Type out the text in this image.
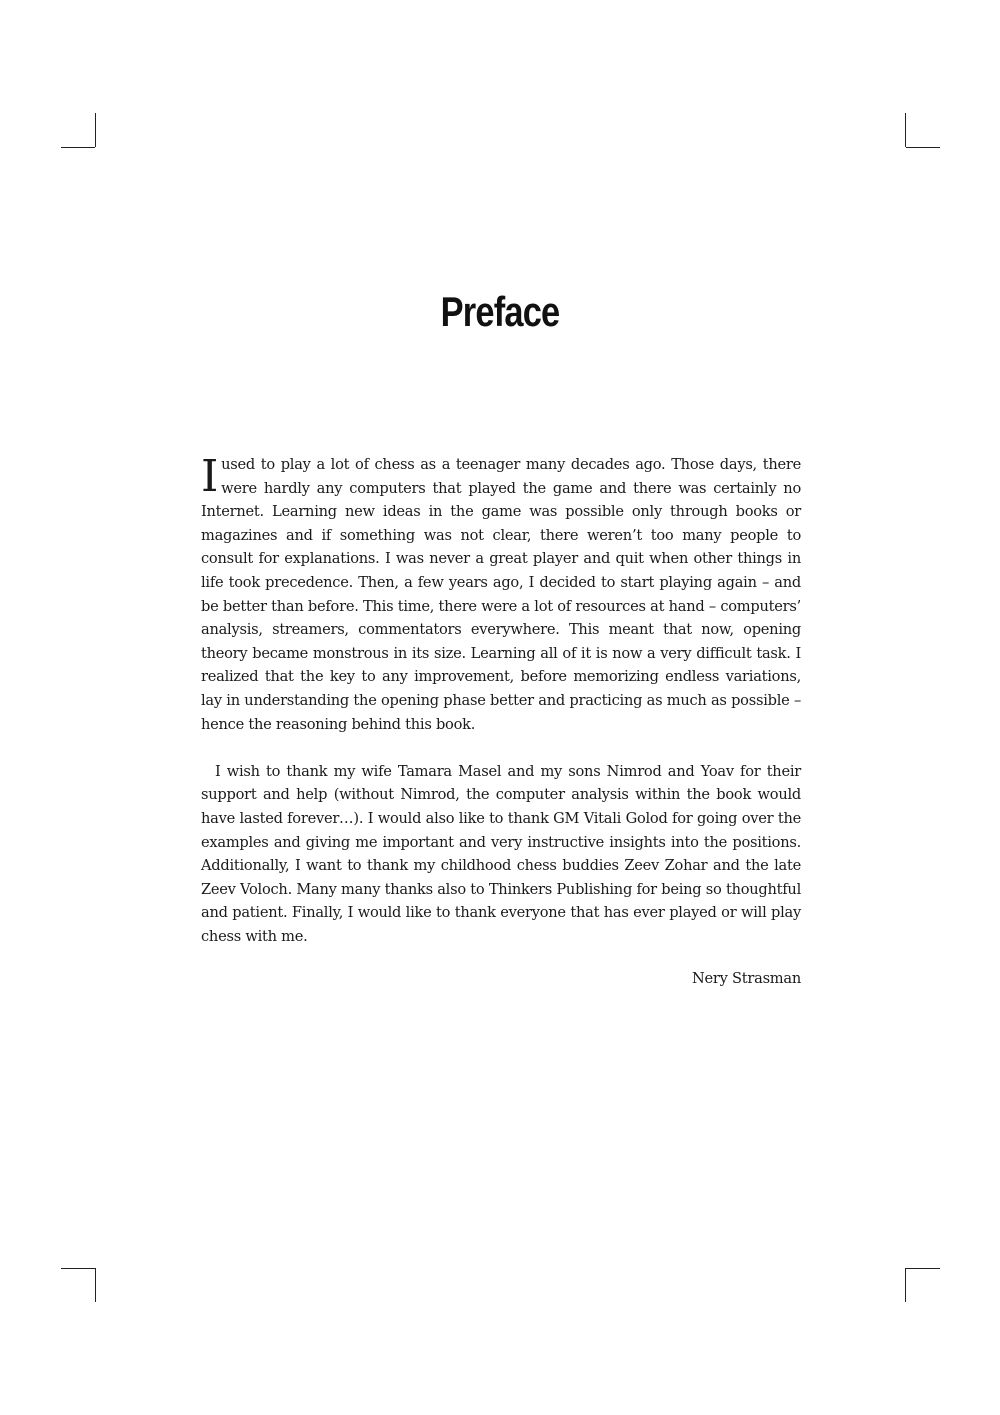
Preface

I used to play a lot of chess as a teenager many decades ago. Those days, there were hardly any computers that played the game and there was certainly no Internet. Learning new ideas in the game was possible only through books or magazines and if something was not clear, there weren’t too many people to consult for explanations. I was never a great player and quit when other things in life took precedence. Then, a few years ago, I decided to start playing again – and be better than before. This time, there were a lot of resources at hand – computers’ analysis, streamers, commentators everywhere. This meant that now, opening theory became monstrous in its size. Learning all of it is now a very difficult task. I realized that the key to any improvement, before memorizing endless variations, lay in understanding the opening phase better and practicing as much as possible – hence the reasoning behind this book.

I wish to thank my wife Tamara Masel and my sons Nimrod and Yoav for their support and help (without Nimrod, the computer analysis within the book would have lasted forever…). I would also like to thank GM Vitali Golod for going over the examples and giving me important and very instructive insights into the positions. Additionally, I want to thank my childhood chess buddies Zeev Zohar and the late Zeev Voloch. Many many thanks also to Thinkers Publishing for being so thoughtful and patient. Finally, I would like to thank everyone that has ever played or will play chess with me.

Nery Strasman
